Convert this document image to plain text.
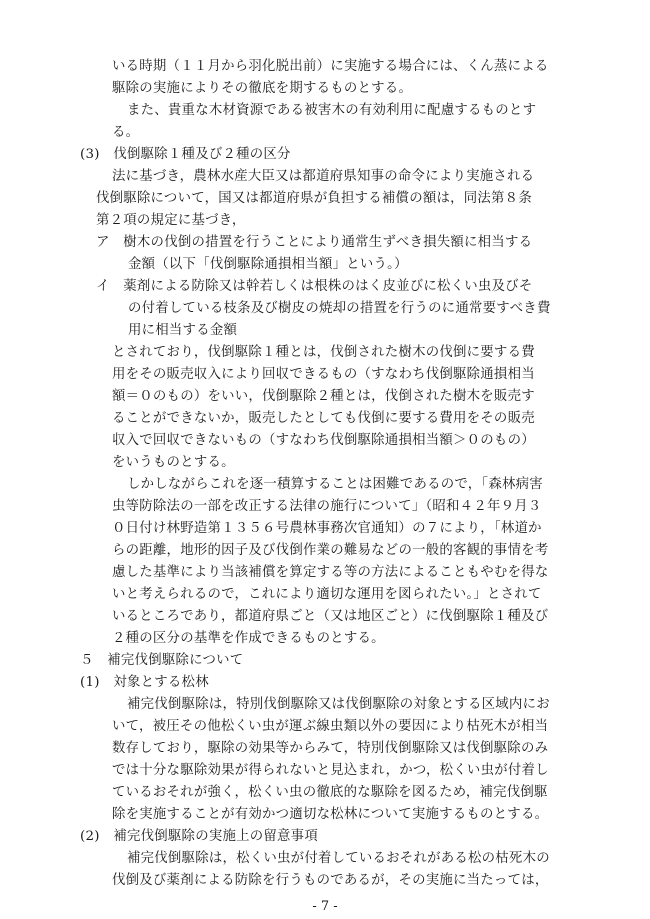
いる時期（１１月から羽化脱出前）に実施する場合には、くん蒸による
駆除の実施によりその徹底を期するものとする。
また、貴重な木材資源である被害木の有効利用に配慮するものとす
る。
(3)　伐倒駆除１種及び２種の区分
法に基づき，農林水産大臣又は都道府県知事の命令により実施される
伐倒駆除について，国又は都道府県が負担する補償の額は，同法第８条
第２項の規定に基づき，
ア　樹木の伐倒の措置を行うことにより通常生ずべき損失額に相当する
金額（以下「伐倒駆除通損相当額」という。）
イ　薬剤による防除又は幹若しくは根株のはく皮並びに松くい虫及びそ
の付着している枝条及び樹皮の焼却の措置を行うのに通常要すべき費
用に相当する金額
とされており，伐倒駆除１種とは，伐倒された樹木の伐倒に要する費
用をその販売収入により回収できるもの（すなわち伐倒駆除通損相当
額＝０のもの）をいい，伐倒駆除２種とは，伐倒された樹木を販売す
ることができないか，販売したとしても伐倒に要する費用をその販売
収入で回収できないもの（すなわち伐倒駆除通損相当額＞０のもの）
をいうものとする。
しかしながらこれを逐一積算することは困難であるので，「森林病害
虫等防除法の一部を改正する法律の施行について」（昭和４２年９月３
０日付け林野造第１３５６号農林事務次官通知）の７により，「林道か
らの距離，地形的因子及び伐倒作業の難易などの一般的客観的事情を考
慮した基準により当該補償を算定する等の方法によることもやむを得な
いと考えられるので，これにより適切な運用を図られたい。」とされて
いるところであり，都道府県ごと（又は地区ごと）に伐倒駆除１種及び
２種の区分の基準を作成できるものとする。
５　補完伐倒駆除について
(1)　対象とする松林
補完伐倒駆除は，特別伐倒駆除又は伐倒駆除の対象とする区域内にお
いて，被圧その他松くい虫が運ぶ線虫類以外の要因により枯死木が相当
数存しており，駆除の効果等からみて，特別伐倒駆除又は伐倒駆除のみ
では十分な駆除効果が得られないと見込まれ，かつ，松くい虫が付着し
ているおそれが強く，松くい虫の徹底的な駆除を図るため，補完伐倒駆
除を実施することが有効かつ適切な松林について実施するものとする。
(2)　補完伐倒駆除の実施上の留意事項
補完伐倒駆除は，松くい虫が付着しているおそれがある松の枯死木の
伐倒及び薬剤による防除を行うものであるが，その実施に当たっては，
- 7 -
